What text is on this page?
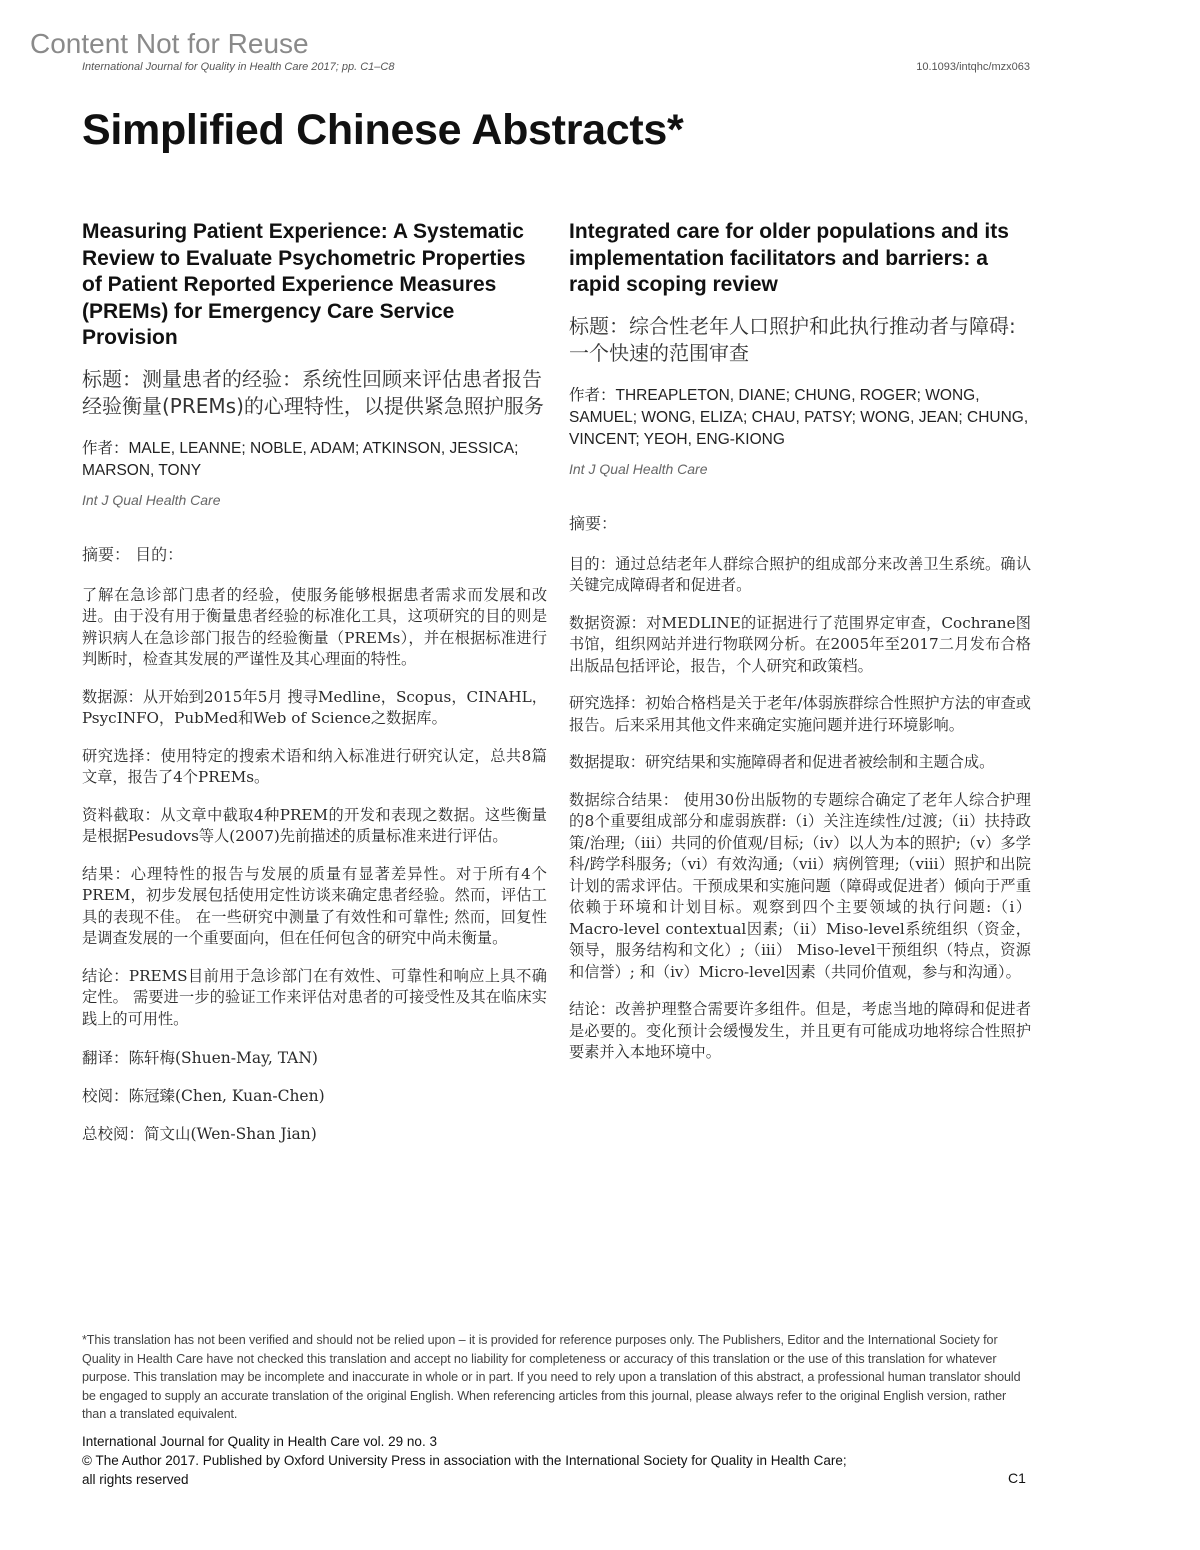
Content Not for Reuse
International Journal for Quality in Health Care 2017; pp. C1–C8	10.1093/intqhc/mzx063
Simplified Chinese Abstracts*
Measuring Patient Experience: A Systematic Review to Evaluate Psychometric Properties of Patient Reported Experience Measures (PREMs) for Emergency Care Service Provision
标题：测量患者的经验：系统性回顾来评估患者报告经验衡量(PREMs)的心理特性，以提供紧急照护服务
作者：MALE, LEANNE; NOBLE, ADAM; ATKINSON, JESSICA; MARSON, TONY
Int J Qual Health Care
摘要： 目的：

了解在急诊部门患者的经验，使服务能够根据患者需求而发展和改进。由于没有用于衡量患者经验的标准化工具，这项研究的目的则是辨识病人在急诊部门报告的经验衡量（PREMs），并在根据标准进行判断时，检查其发展的严谨性及其心理面的特性。

数据源：从开始到2015年5月 搜寻Medline，Scopus，CINAHL，PsycINFO，PubMed和Web of Science之数据库。

研究选择：使用特定的搜索术语和纳入标准进行研究认定，总共8篇文章，报告了4个PREMs。

资料截取：从文章中截取4种PREM的开发和表现之数据。这些衡量是根据Pesudovs等人(2007)先前描述的质量标准来进行评估。

结果：心理特性的报告与发展的质量有显著差异性。对于所有4个PREM，初步发展包括使用定性访谈来确定患者经验。然而，评估工具的表现不佳。 在一些研究中测量了有效性和可靠性; 然而，回复性是调查发展的一个重要面向，但在任何包含的研究中尚未衡量。

结论：PREMS目前用于急诊部门在有效性、可靠性和响应上具不确定性。 需要进一步的验证工作来评估对患者的可接受性及其在临床实践上的可用性。

翻译：陈轩梅(Shuen-May, TAN)
校阅：陈冠臻(Chen, Kuan-Chen)
总校阅：简文山(Wen-Shan Jian)
Integrated care for older populations and its implementation facilitators and barriers: a rapid scoping review
标题：综合性老年人口照护和此执行推动者与障碍:一个快速的范围审查
作者：THREAPLETON, DIANE; CHUNG, ROGER; WONG, SAMUEL; WONG, ELIZA; CHAU, PATSY; WONG, JEAN; CHUNG, VINCENT; YEOH, ENG-KIONG
Int J Qual Health Care
摘要：

目的：通过总结老年人群综合照护的组成部分来改善卫生系统。确认关键完成障碍者和促进者。

数据资源：对MEDLINE的证据进行了范围界定审查，Cochrane图书馆，组织网站并进行物联网分析。在2005年至2017二月发布合格出版品包括评论，报告，个人研究和政策档。

研究选择：初始合格档是关于老年/体弱族群综合性照护方法的审查或报告。后来采用其他文件来确定实施问题并进行环境影响。

数据提取：研究结果和实施障碍者和促进者被绘制和主题合成。

数据综合结果： 使用30份出版物的专题综合确定了老年人综合护理的8个重要组成部分和虚弱族群:（i）关注连续性/过渡;（ii）扶持政策/治理;（iii）共同的价值观/目标;（iv）以人为本的照护;（v）多学科/跨学科服务;（vi）有效沟通;（vii）病例管理;（viii）照护和出院计划的需求评估。干预成果和实施问题（障碍或促进者）倾向于严重依赖于环境和计划目标。观察到四个主要领域的执行问题:（i）Macro-level contextual因素;（ii）Miso-level系统组织（资金，领导，服务结构和文化）;（iii） Miso-level干预组织（特点，资源和信誉）; 和（iv）Micro-level因素（共同价值观，参与和沟通）。

结论：改善护理整合需要许多组件。但是，考虑当地的障碍和促进者是必要的。变化预计会缓慢发生，并且更有可能成功地将综合性照护要素并入本地环境中。

*This translation has not been verified and should not be relied upon – it is provided for reference purposes only. The Publishers, Editor and the International Society for Quality in Health Care have not checked this translation and accept no liability for completeness or accuracy of this translation or the use of this translation for whatever purpose. This translation may be incomplete and inaccurate in whole or in part. If you need to rely upon a translation of this abstract, a professional human translator should be engaged to supply an accurate translation of the original English. When referencing articles from this journal, please always refer to the original English version, rather than a translated equivalent.
International Journal for Quality in Health Care vol. 29 no. 3
© The Author 2017. Published by Oxford University Press in association with the International Society for Quality in Health Care;
all rights reserved	C1
